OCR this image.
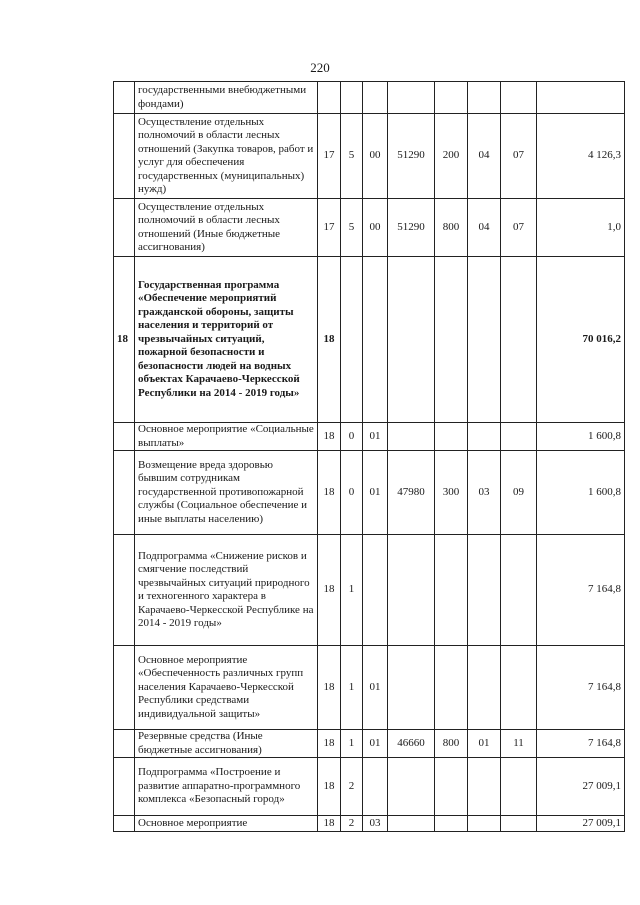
220
	государственными внебюджетными фондами)								
	Осуществление отдельных полномочий в области лесных отношений (Закупка товаров, работ и услуг для обеспечения государственных (муниципальных) нужд)	17	5	00	51290	200	04	07	4 126,3
	Осуществление отдельных полномочий в области лесных отношений (Иные бюджетные ассигнования)	17	5	00	51290	800	04	07	1,0
18	Государственная программа «Обеспечение мероприятий гражданской обороны, защиты населения и территорий от чрезвычайных ситуаций, пожарной безопасности и безопасности людей на водных объектах Карачаево-Черкесской Республики на 2014 - 2019 годы»	18							70 016,2
	Основное мероприятие «Социальные выплаты»	18	0	01					1 600,8
	Возмещение вреда здоровью бывшим сотрудникам государственной противопожарной службы (Социальное обеспечение и иные выплаты населению)	18	0	01	47980	300	03	09	1 600,8
	Подпрограмма «Снижение рисков и смягчение последствий чрезвычайных ситуаций природного и техногенного характера в Карачаево-Черкесской Республике на 2014 - 2019 годы»	18	1						7 164,8
	Основное мероприятие «Обеспеченность различных групп населения Карачаево-Черкесской Республики средствами индивидуальной защиты»	18	1	01					7 164,8
	Резервные средства (Иные бюджетные ассигнования)	18	1	01	46660	800	01	11	7 164,8
	Подпрограмма «Построение и развитие аппаратно-программного комплекса «Безопасный город»	18	2						27 009,1
	Основное мероприятие	18	2	03					27 009,1
